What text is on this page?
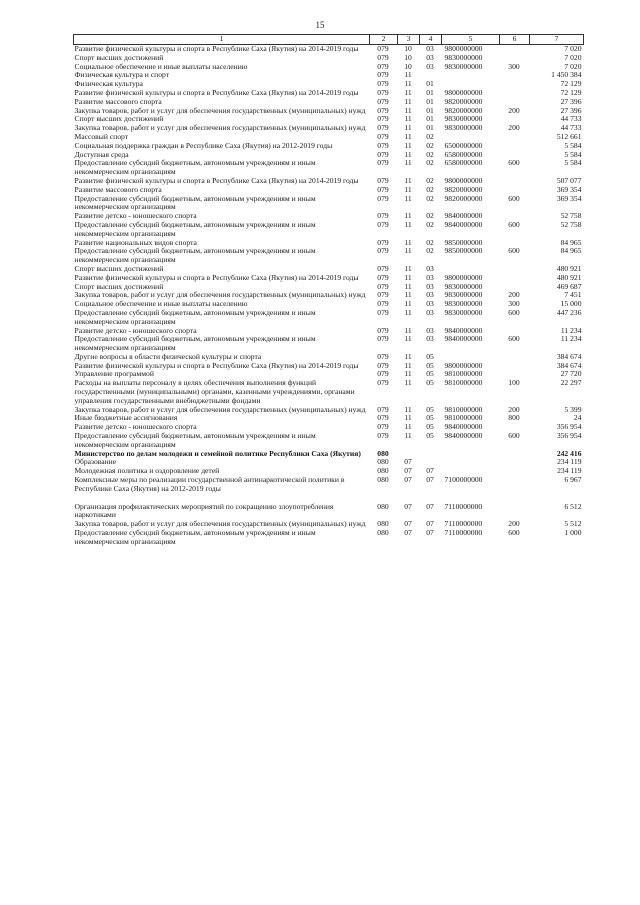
15
1	2	3	4	5	6	7
Развитие физической культуры и спорта в Республике Саха (Якутия) на 2014-2019 годы	079	10	03	9800000000		7 020
Спорт высших достижений	079	10	03	9830000000		7 020
Социальное обеспечение и иные выплаты населению	079	10	03	9830000000	300	7 020
Физическая культура и спорт	079	11				1 450 384
Физическая культура	079	11	01			72 129
Развитие физической культуры и спорта в Республике Саха (Якутия) на 2014-2019 годы	079	11	01	9800000000		72 129
Развитие массового спорта	079	11	01	9820000000		27 396
Закупка товаров, работ и услуг для обеспечения государственных (муниципальных) нужд	079	11	01	9820000000	200	27 396
Спорт высших достижений	079	11	01	9830000000		44 733
Закупка товаров, работ и услуг для обеспечения государственных (муниципальных) нужд	079	11	01	9830000000	200	44 733
Массовый спорт	079	11	02			512 661
Социальная поддержка граждан в Республике Саха (Якутия) на 2012-2019 годы	079	11	02	6500000000		5 584
Доступная среда	079	11	02	6580000000		5 584
Предоставление субсидий бюджетным, автономным учреждениям и иным некоммерческим организациям	079	11	02	6580000000	600	5 584
Развитие физической культуры и спорта в Республике Саха (Якутия) на 2014-2019 годы	079	11	02	9800000000		507 077
Развитие массового спорта	079	11	02	9820000000		369 354
Предоставление субсидий бюджетным, автономным учреждениям и иным некоммерческим организациям	079	11	02	9820000000	600	369 354
Развитие детско - юношеского спорта	079	11	02	9840000000		52 758
Предоставление субсидий бюджетным, автономным учреждениям и иным некоммерческим организациям	079	11	02	9840000000	600	52 758
Развитие национальных видов спорта	079	11	02	9850000000		84 965
Предоставление субсидий бюджетным, автономным учреждениям и иным некоммерческим организациям	079	11	02	9850000000	600	84 965
Спорт высших достижений	079	11	03			480 921
Развитие физической культуры и спорта в Республике Саха (Якутия) на 2014-2019 годы	079	11	03	9800000000		480 921
Спорт высших достижений	079	11	03	9830000000		469 687
Закупка товаров, работ и услуг для обеспечения государственных (муниципальных) нужд	079	11	03	9830000000	200	7 451
Социальное обеспечение и иные выплаты населению	079	11	03	9830000000	300	15 000
Предоставление субсидий бюджетным, автономным учреждениям и иным некоммерческим организациям	079	11	03	9830000000	600	447 236
Развитие детско - юношеского спорта	079	11	03	9840000000		11 234
Предоставление субсидий бюджетным, автономным учреждениям и иным некоммерческим организациям	079	11	03	9840000000	600	11 234
Другие вопросы в области физической культуры и спорта	079	11	05			384 674
Развитие физической культуры и спорта в Республике Саха (Якутия) на 2014-2019 годы	079	11	05	9800000000		384 674
Управление программой	079	11	05	9810000000		27 720
Расходы на выплаты персоналу в целях обеспечения выполнения функций государственными (муниципальными) органами, казенными учреждениями, органами управления государственными внебюджетными фондами	079	11	05	9810000000	100	22 297
Закупка товаров, работ и услуг для обеспечения государственных (муниципальных) нужд	079	11	05	9810000000	200	5 399
Иные бюджетные ассигнования	079	11	05	9810000000	800	24
Развитие детско - юношеского спорта	079	11	05	9840000000		356 954
Предоставление субсидий бюджетным, автономным учреждениям и иным некоммерческим организациям	079	11	05	9840000000	600	356 954
Министерство по делам молодежи и семейной политике Республики Саха (Якутия)	080					242 416
Образование	080	07				234 119
Молодежная политика и оздоровление детей	080	07	07			234 119
Комплексные меры по реализации государственной антинаркотической политики в Республике Саха (Якутия) на 2012-2019 годы	080	07	07	7100000000		6 967
Организация профилактических мероприятий по сокращению злоупотребления наркотиками	080	07	07	7110000000		6 512
Закупка товаров, работ и услуг для обеспечения государственных (муниципальных) нужд	080	07	07	7110000000	200	5 512
Предоставление субсидий бюджетным, автономным учреждениям и иным некоммерческим организациям	080	07	07	7110000000	600	1 000
